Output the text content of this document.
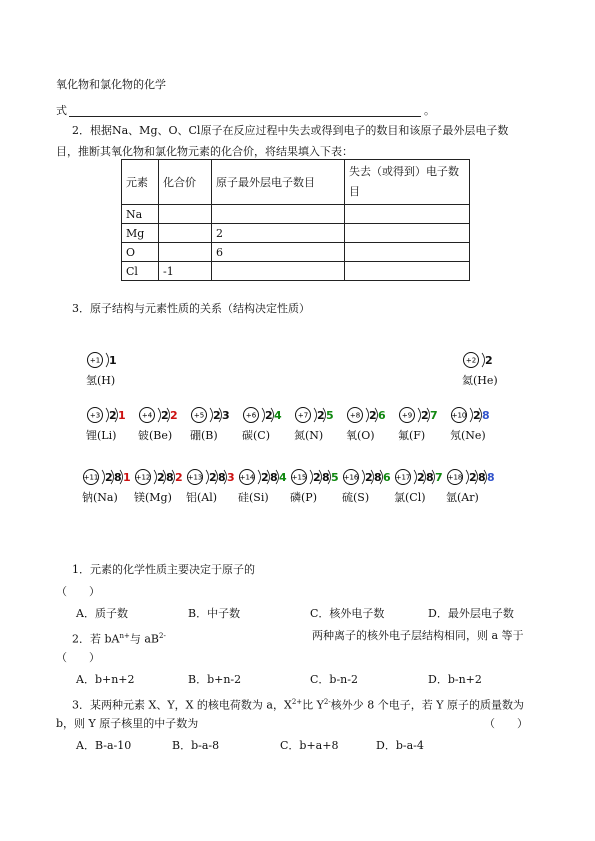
氧化物和氯化物的化学
式	。
2．根据Na、Mg、O、Cl原子在反应过程中失去或得到电子的数目和该原子最外层电子数
目，推断其氧化物和氯化物元素的化合价，将结果填入下表：
元素	化合价	原子最外层电子数目	失去（或得到）电子数目
Na			
Mg		2	
O		6	
Cl	-1		
3．原子结构与元素性质的关系（结构决定性质）
+1 1
氢(H)
+2 2
氦(He)
+3 2 1
锂(Li)
+4 2 2
铍(Be)
+5 2 3
硼(B)
+6 2 4
碳(C)
+7 2 5
氮(N)
+8 2 6
氧(O)
+9 2 7
氟(F)
+10 2 8
氖(Ne)
+11 2 8 1
钠(Na)
+12 2 8 2
镁(Mg)
+13 2 8 3
铝(Al)
+14 2 8 4
硅(Si)
+15 2 8 5
磷(P)
+16 2 8 6
硫(S)
+17 2 8 7
氯(Cl)
+18 2 8 8
氩(Ar)
1．元素的化学性质主要决定于原子的
（　　）
A．质子数	B．中子数	C．核外电子数	D．最外层电子数
2．若 $bA^{n+}$与 $aB^{2-}$	两种离子的核外电子层结构相同，则 a 等于
（　　）
A．b+n+2	B．b+n-2	C．b-n-2	D．b-n+2
3．某两种元素 X、Y，X 的核电荷数为 a，$X^{2+}$比 $Y^{2-}$核外少 8 个电子，若 Y 原子的质量数为
b，则 Y 原子核里的中子数为	（　　）
A．B-a-10	B．b-a-8	C．b+a+8	D．b-a-4
